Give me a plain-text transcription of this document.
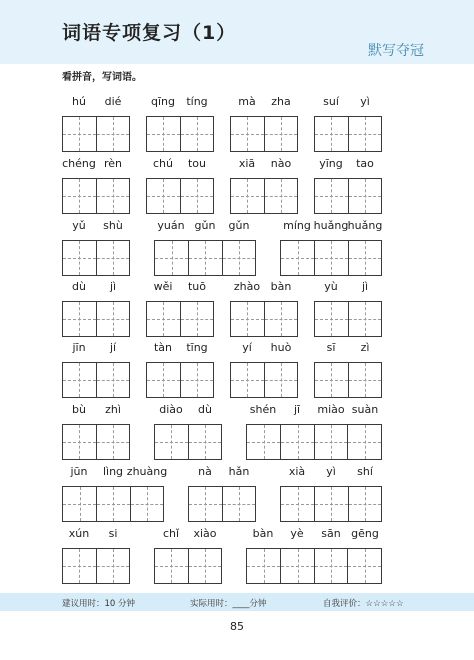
词语专项复习（1）
默写夺冠
看拼音，写词语。
hú dié	qīng tíng	mà zha	suí yì
chéng rèn	chú tou	xiā nào	yīng tao
yǔ shù	yuán gǔn gǔn	míng huǎng huǎng
dù jì	wěi tuō	zhào bàn	yù jì
jīn jí	tàn tīng	yí huò	sī zì
bù zhì	diào dù	shén jī miào suàn
jūn lìng zhuàng	nà hǎn	xià yì shí
xún si	chǐ xiào	bàn yè sān gēng
建议用时：10 分钟	实际用时：____分钟	自我评价：☆☆☆☆☆
85
